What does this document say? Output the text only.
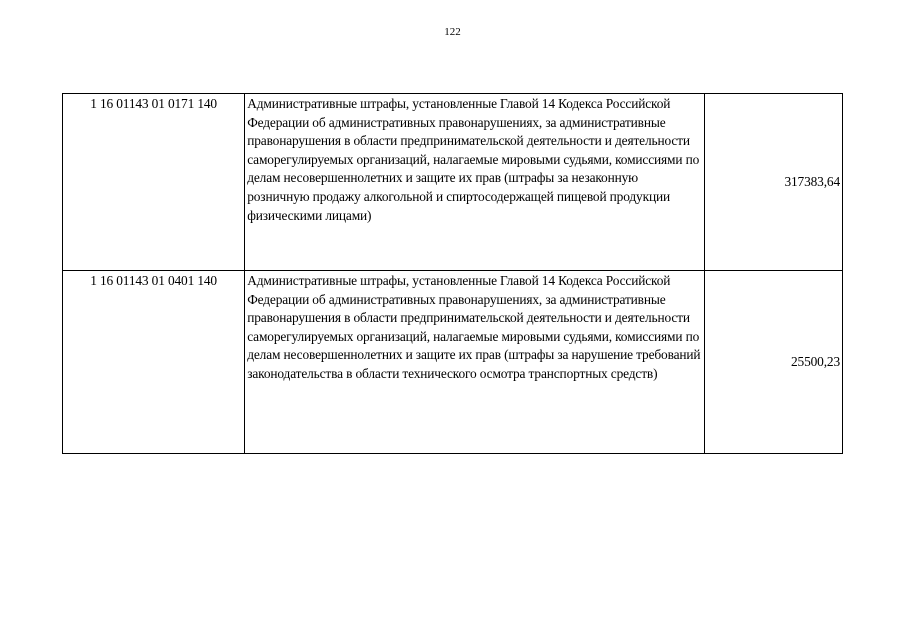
122
1 16 01143 01 0171 140	Административные штрафы, установленные Главой 14 Кодекса Российской Федерации об административных правонарушениях, за административные правонарушения в области предпринимательской деятельности и деятельности саморегулируемых организаций, налагаемые мировыми судьями, комиссиями по делам несовершеннолетних и защите их прав (штрафы за незаконную розничную продажу алкогольной и спиртосодержащей пищевой продукции физическими лицами)	317383,64
1 16 01143 01 0401 140	Административные штрафы, установленные Главой 14 Кодекса Российской Федерации об административных правонарушениях, за административные правонарушения в области предпринимательской деятельности и деятельности саморегулируемых организаций, налагаемые мировыми судьями, комиссиями по делам несовершеннолетних и защите их прав (штрафы за нарушение требований законодательства в области технического осмотра транспортных средств)	25500,23
